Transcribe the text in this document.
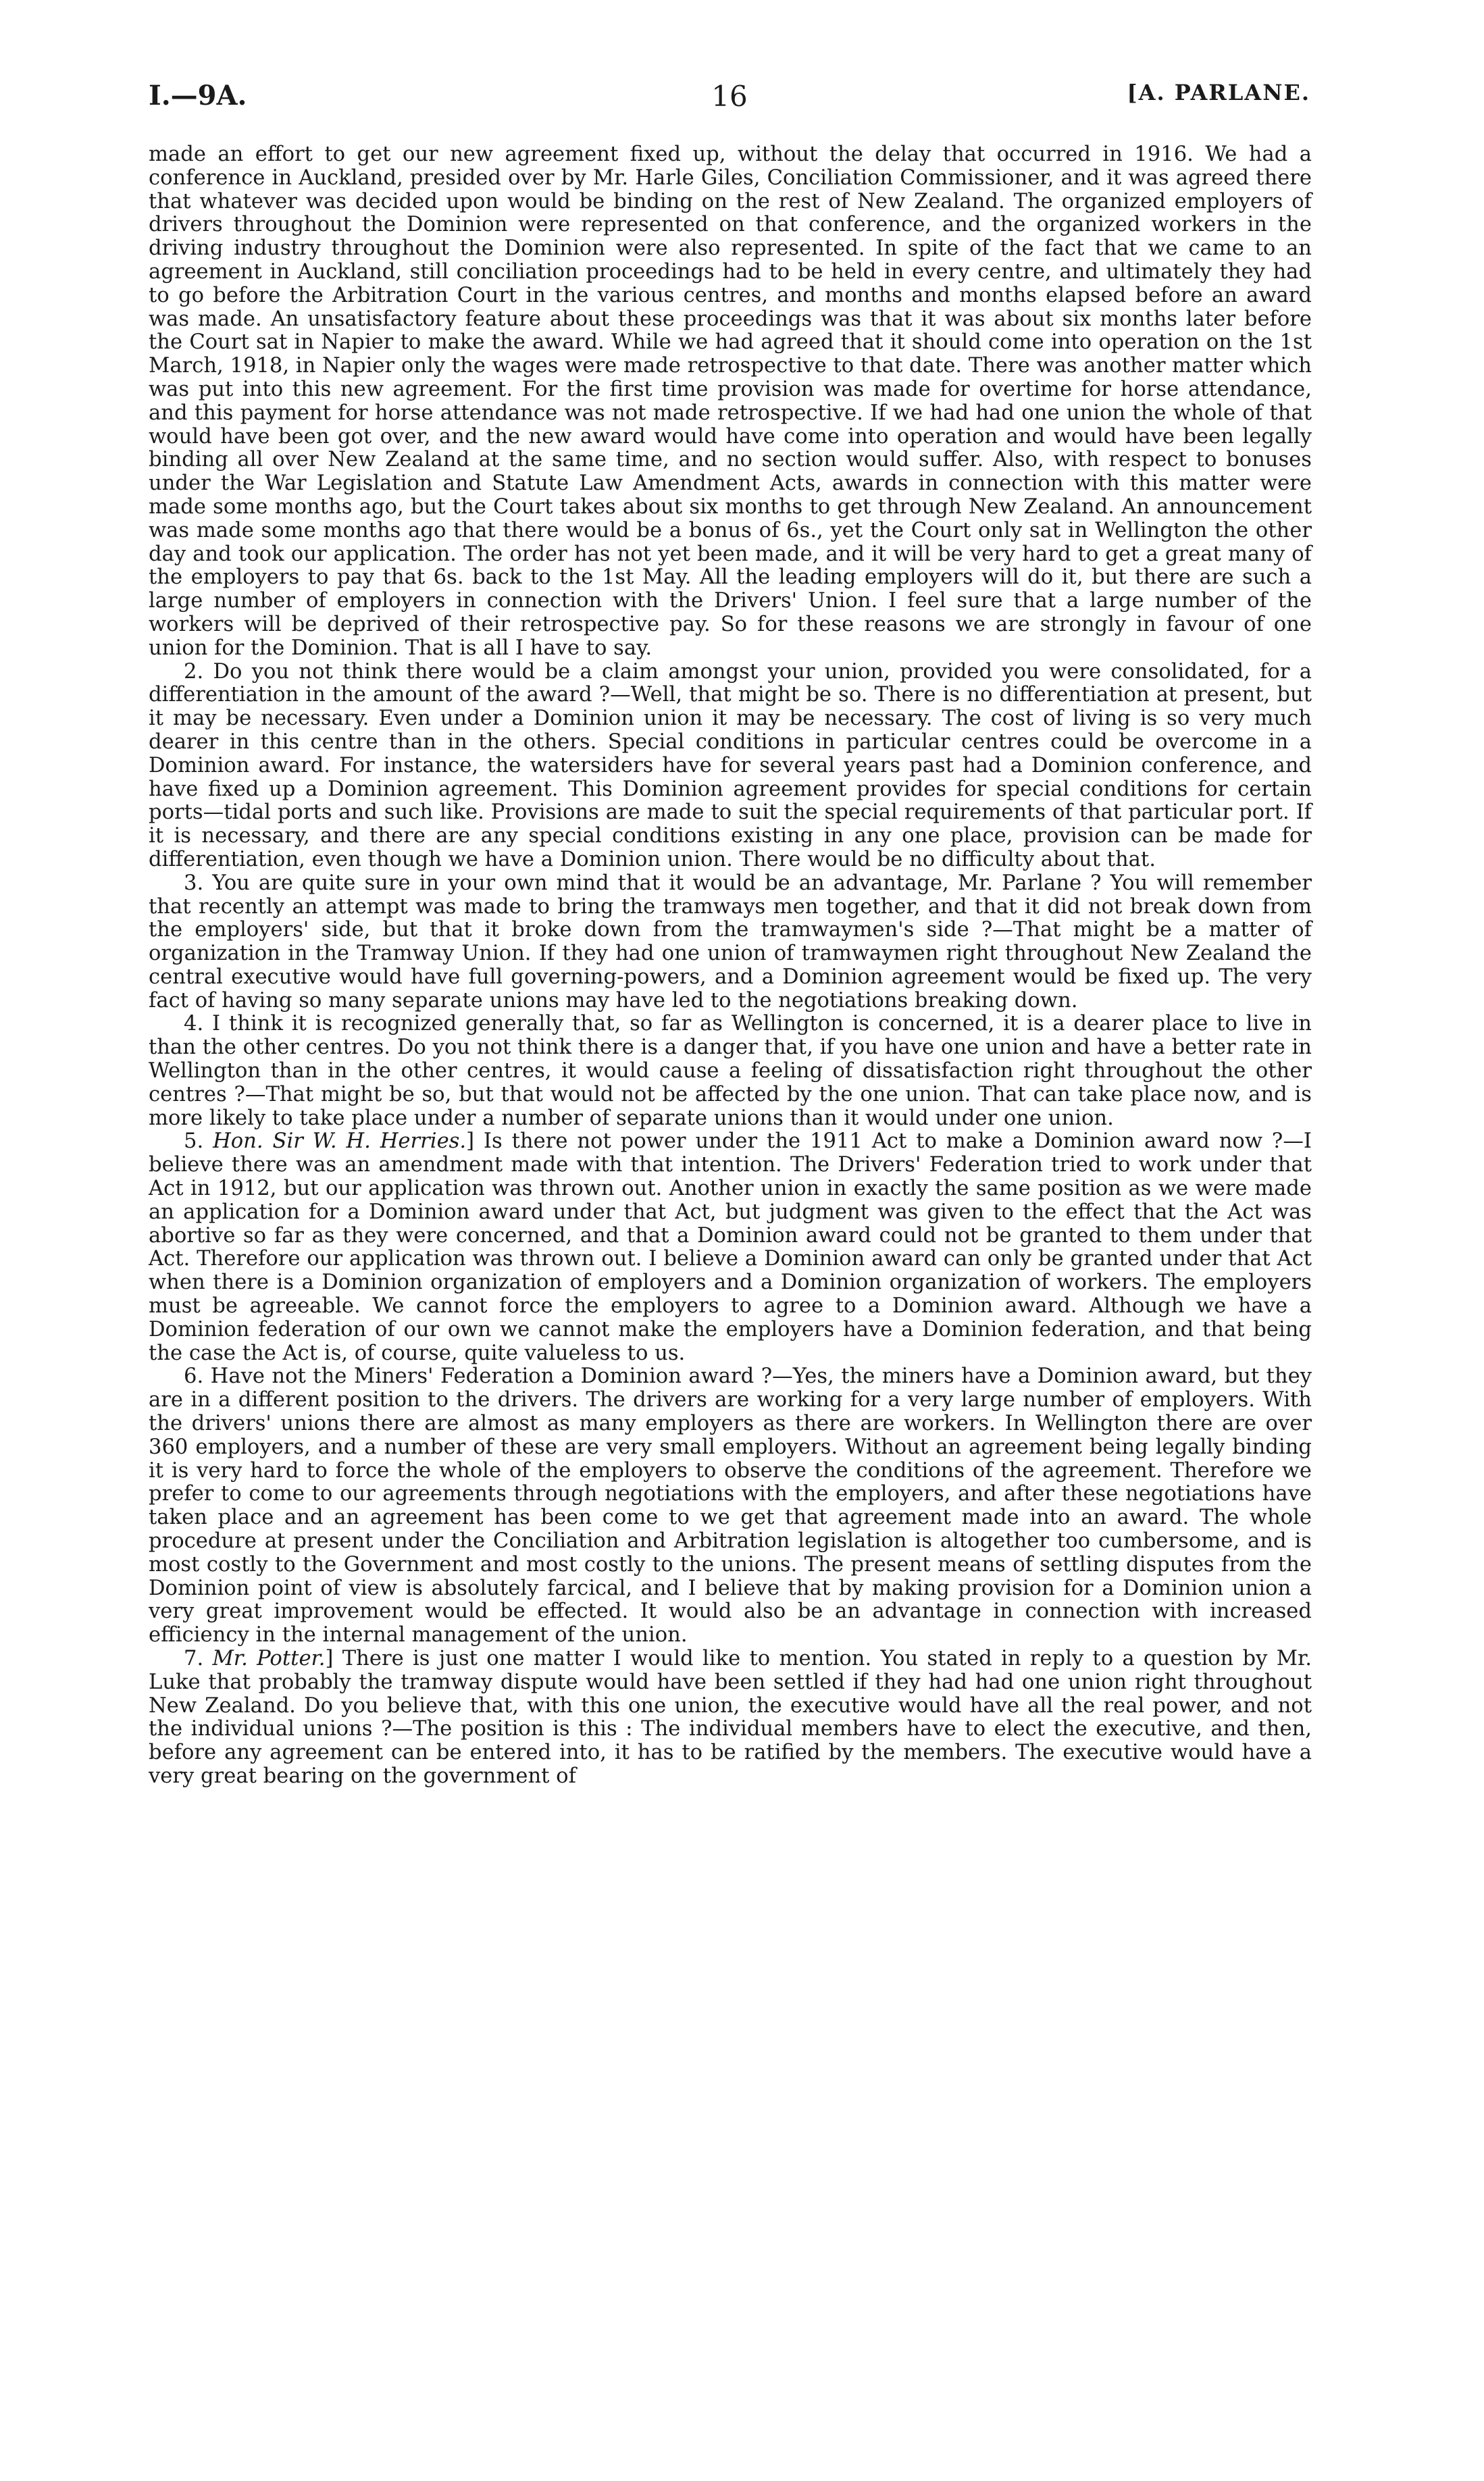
16
I.—9A.	[A. PARLANE.

made an effort to get our new agreement fixed up, without the delay that occurred in 1916. We had a conference in Auckland, presided over by Mr. Harle Giles, Conciliation Commissioner, and it was agreed there that whatever was decided upon would be binding on the rest of New Zealand. The organized employers of drivers throughout the Dominion were represented on that conference, and the organized workers in the driving industry throughout the Dominion were also represented. In spite of the fact that we came to an agreement in Auckland, still conciliation proceedings had to be held in every centre, and ultimately they had to go before the Arbitration Court in the various centres, and months and months elapsed before an award was made. An unsatisfactory feature about these proceedings was that it was about six months later before the Court sat in Napier to make the award. While we had agreed that it should come into operation on the 1st March, 1918, in Napier only the wages were made retrospective to that date. There was another matter which was put into this new agreement. For the first time provision was made for overtime for horse attendance, and this payment for horse attendance was not made retrospective. If we had had one union the whole of that would have been got over, and the new award would have come into operation and would have been legally binding all over New Zealand at the same time, and no section would suffer. Also, with respect to bonuses under the War Legislation and Statute Law Amendment Acts, awards in connection with this matter were made some months ago, but the Court takes about six months to get through New Zealand. An announcement was made some months ago that there would be a bonus of 6s., yet the Court only sat in Wellington the other day and took our application. The order has not yet been made, and it will be very hard to get a great many of the employers to pay that 6s. back to the 1st May. All the leading employers will do it, but there are such a large number of employers in connection with the Drivers' Union. I feel sure that a large number of the workers will be deprived of their retrospective pay. So for these reasons we are strongly in favour of one union for the Dominion. That is all I have to say.

2. Do you not think there would be a claim amongst your union, provided you were consolidated, for a differentiation in the amount of the award ?—Well, that might be so. There is no differentiation at present, but it may be necessary. Even under a Dominion union it may be necessary. The cost of living is so very much dearer in this centre than in the others. Special conditions in particular centres could be overcome in a Dominion award. For instance, the watersiders have for several years past had a Dominion conference, and have fixed up a Dominion agreement. This Dominion agreement provides for special conditions for certain ports—tidal ports and such like. Provisions are made to suit the special requirements of that particular port. If it is necessary, and there are any special conditions existing in any one place, provision can be made for differentiation, even though we have a Dominion union. There would be no difficulty about that.

3. You are quite sure in your own mind that it would be an advantage, Mr. Parlane ? You will remember that recently an attempt was made to bring the tramways men together, and that it did not break down from the employers' side, but that it broke down from the tramwaymen's side ?—That might be a matter of organization in the Tramway Union. If they had one union of tramwaymen right throughout New Zealand the central executive would have full governing-powers, and a Dominion agreement would be fixed up. The very fact of having so many separate unions may have led to the negotiations breaking down.

4. I think it is recognized generally that, so far as Wellington is concerned, it is a dearer place to live in than the other centres. Do you not think there is a danger that, if you have one union and have a better rate in Wellington than in the other centres, it would cause a feeling of dissatisfaction right throughout the other centres ?—That might be so, but that would not be affected by the one union. That can take place now, and is more likely to take place under a number of separate unions than it would under one union.

5. Hon. Sir W. H. Herries.] Is there not power under the 1911 Act to make a Dominion award now ?—I believe there was an amendment made with that intention. The Drivers' Federation tried to work under that Act in 1912, but our application was thrown out. Another union in exactly the same position as we were made an application for a Dominion award under that Act, but judgment was given to the effect that the Act was abortive so far as they were concerned, and that a Dominion award could not be granted to them under that Act. Therefore our application was thrown out. I believe a Dominion award can only be granted under that Act when there is a Dominion organization of employers and a Dominion organization of workers. The employers must be agreeable. We cannot force the employers to agree to a Dominion award. Although we have a Dominion federation of our own we cannot make the employers have a Dominion federation, and that being the case the Act is, of course, quite valueless to us.

6. Have not the Miners' Federation a Dominion award ?—Yes, the miners have a Dominion award, but they are in a different position to the drivers. The drivers are working for a very large number of employers. With the drivers' unions there are almost as many employers as there are workers. In Wellington there are over 360 employers, and a number of these are very small employers. Without an agreement being legally binding it is very hard to force the whole of the employers to observe the conditions of the agreement. Therefore we prefer to come to our agreements through negotiations with the employers, and after these negotiations have taken place and an agreement has been come to we get that agreement made into an award. The whole procedure at present under the Conciliation and Arbitration legislation is altogether too cumbersome, and is most costly to the Government and most costly to the unions. The present means of settling disputes from the Dominion point of view is absolutely farcical, and I believe that by making provision for a Dominion union a very great improvement would be effected. It would also be an advantage in connection with increased efficiency in the internal management of the union.

7. Mr. Potter.] There is just one matter I would like to mention. You stated in reply to a question by Mr. Luke that probably the tramway dispute would have been settled if they had had one union right throughout New Zealand. Do you believe that, with this one union, the executive would have all the real power, and not the individual unions ?—The position is this : The individual members have to elect the executive, and then, before any agreement can be entered into, it has to be ratified by the members. The executive would have a very great bearing on the government of
